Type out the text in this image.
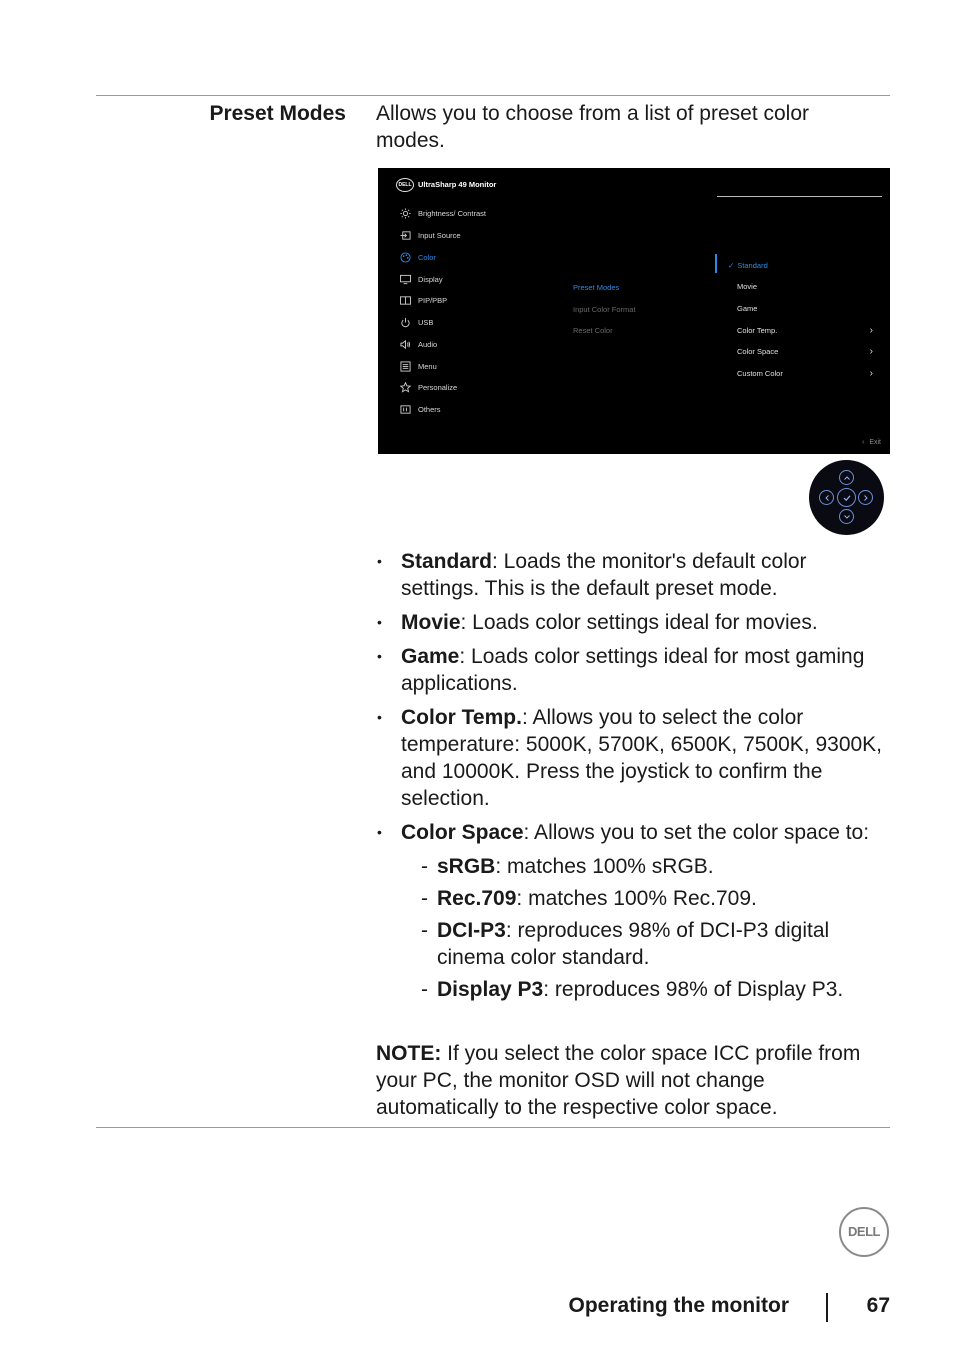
Preset Modes Allows you to choose from a list of preset color modes.
DELL UltraSharp 49 Monitor
Brightness/ Contrast
Input Source
Color
Display
PIP/PBP
USB
Audio
Menu
Personalize
Others
Preset Modes
Input Color Format
Reset Color
✓ Standard
Movie
Game
Color Temp.	›
Color Space	›
Custom Color	›
‹ Exit
• Standard: Loads the monitor's default color settings. This is the default preset mode.
• Movie: Loads color settings ideal for movies.
• Game: Loads color settings ideal for most gaming applications.
• Color Temp.: Allows you to select the color temperature: 5000K, 5700K, 6500K, 7500K, 9300K, and 10000K. Press the joystick to confirm the selection.
• Color Space: Allows you to set the color space to:
- sRGB: matches 100% sRGB.
- Rec.709: matches 100% Rec.709.
- DCI-P3: reproduces 98% of DCI-P3 digital cinema color standard.
- Display P3: reproduces 98% of Display P3.
NOTE: If you select the color space ICC profile from your PC, the monitor OSD will not change automatically to the respective color space.
DELL
Operating the monitor	67
